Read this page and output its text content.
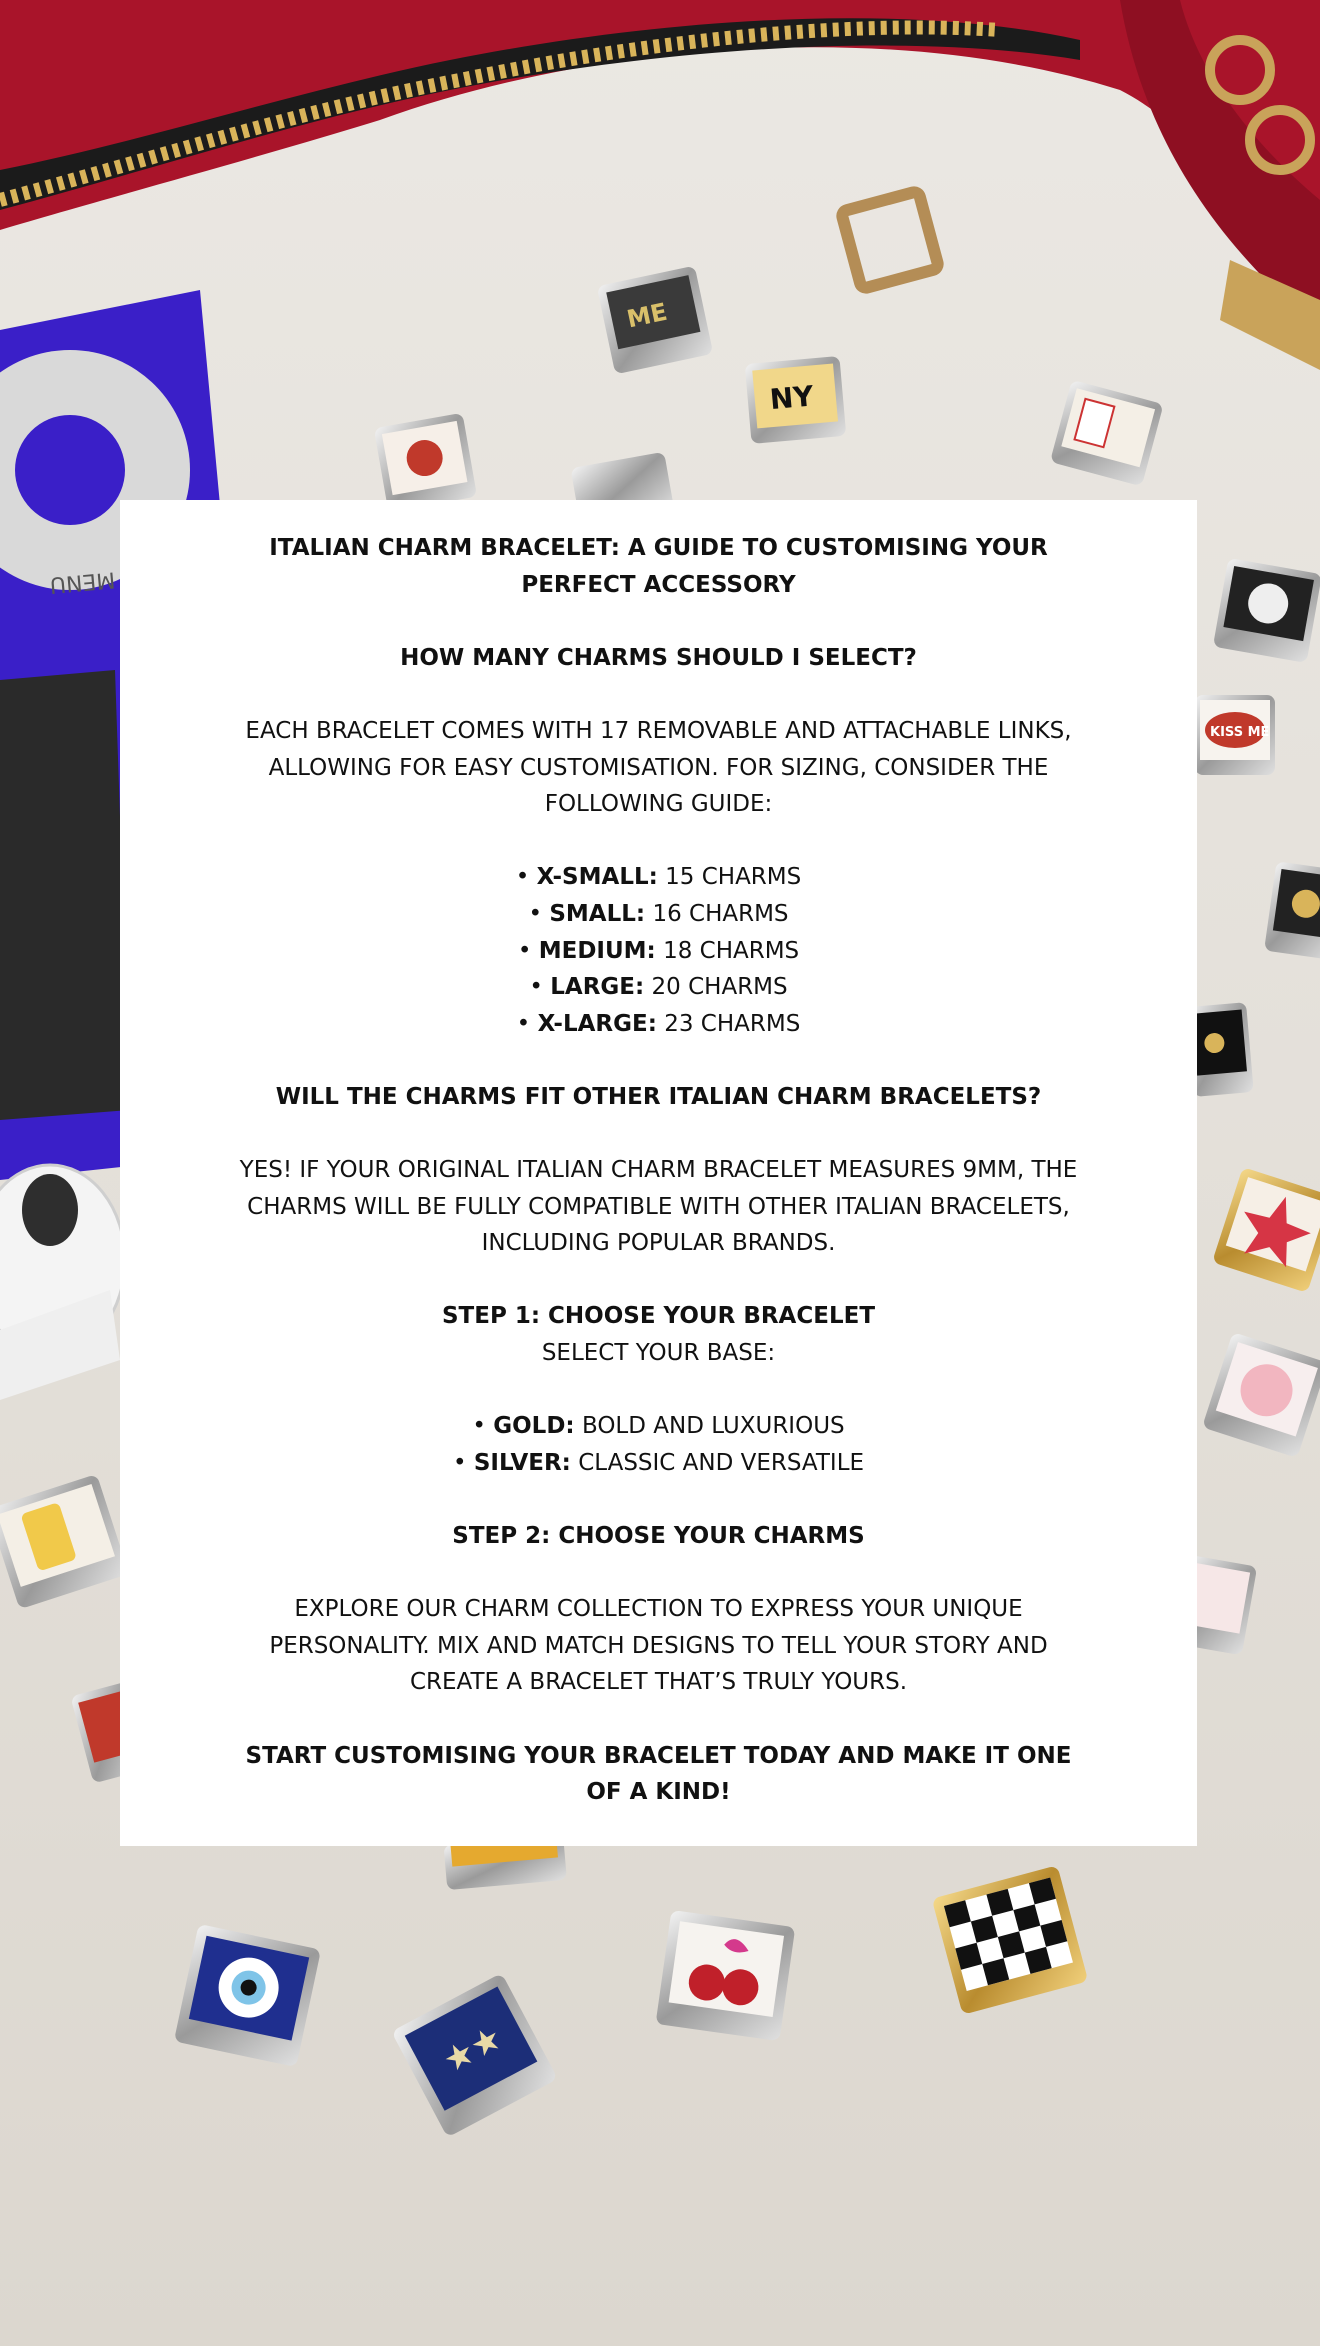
MENU
ME
NY
KISS ME
★★

ITALIAN CHARM BRACELET: A GUIDE TO CUSTOMISING YOUR PERFECT ACCESSORY

HOW MANY CHARMS SHOULD I SELECT?

EACH BRACELET COMES WITH 17 REMOVABLE AND ATTACHABLE LINKS, ALLOWING FOR EASY CUSTOMISATION. FOR SIZING, CONSIDER THE FOLLOWING GUIDE:

• X-SMALL: 15 CHARMS

• SMALL: 16 CHARMS

• MEDIUM: 18 CHARMS

• LARGE: 20 CHARMS

• X-LARGE: 23 CHARMS

WILL THE CHARMS FIT OTHER ITALIAN CHARM BRACELETS?

YES! IF YOUR ORIGINAL ITALIAN CHARM BRACELET MEASURES 9MM, THE CHARMS WILL BE FULLY COMPATIBLE WITH OTHER ITALIAN BRACELETS, INCLUDING POPULAR BRANDS.

STEP 1: CHOOSE YOUR BRACELET

SELECT YOUR BASE:

• GOLD: BOLD AND LUXURIOUS

• SILVER: CLASSIC AND VERSATILE

STEP 2: CHOOSE YOUR CHARMS

EXPLORE OUR CHARM COLLECTION TO EXPRESS YOUR UNIQUE PERSONALITY. MIX AND MATCH DESIGNS TO TELL YOUR STORY AND CREATE A BRACELET THAT’S TRULY YOURS.

START CUSTOMISING YOUR BRACELET TODAY AND MAKE IT ONE OF A KIND!
